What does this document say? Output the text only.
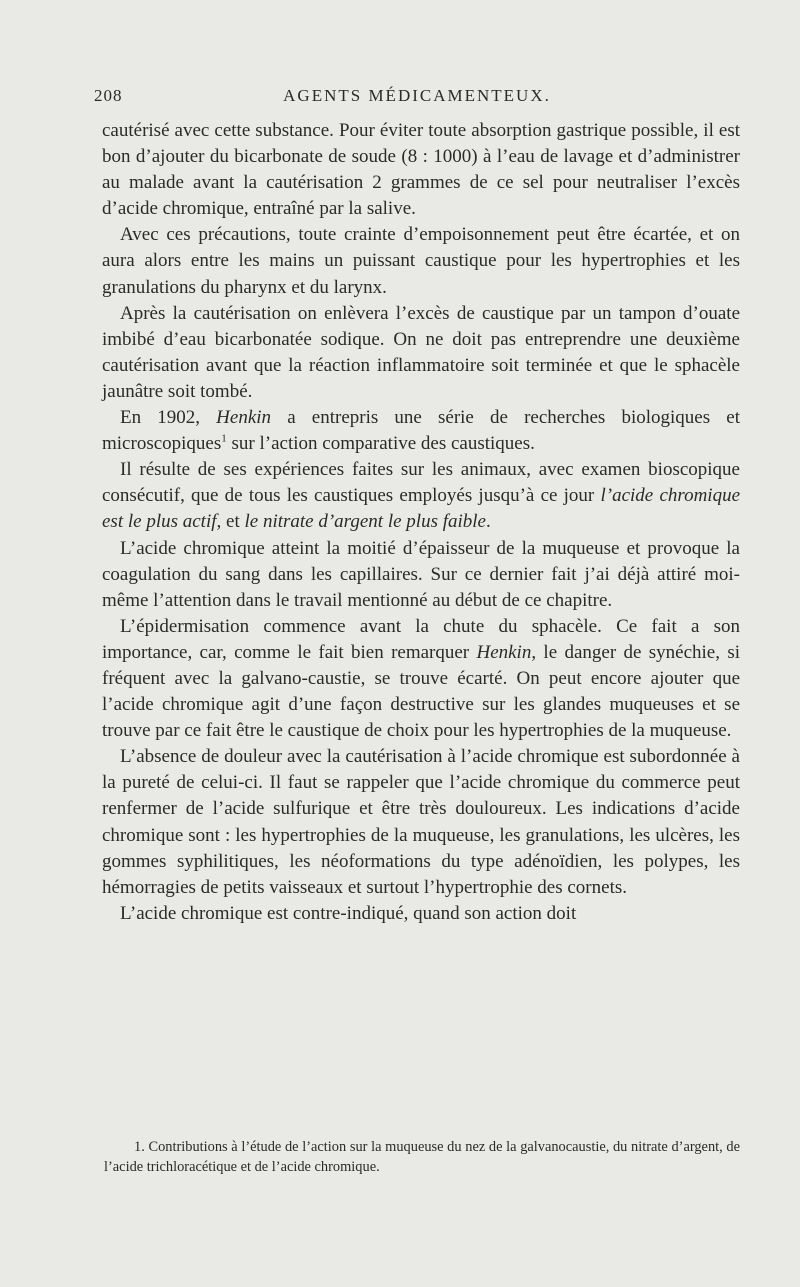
208	AGENTS MÉDICAMENTEUX.

cautérisé avec cette substance. Pour éviter toute absorption gastrique possible, il est bon d’ajouter du bicarbonate de soude (8 : 1000) à l’eau de lavage et d’administrer au malade avant la cautérisation 2 grammes de ce sel pour neutraliser l’excès d’acide chromique, entraîné par la salive.

Avec ces précautions, toute crainte d’empoisonnement peut être écartée, et on aura alors entre les mains un puissant caustique pour les hypertrophies et les granulations du pharynx et du larynx.

Après la cautérisation on enlèvera l’excès de caustique par un tampon d’ouate imbibé d’eau bicarbonatée sodique. On ne doit pas entreprendre une deuxième cautérisation avant que la réaction inflammatoire soit terminée et que le sphacèle jaunâtre soit tombé.

En 1902, Henkin a entrepris une série de recherches biologiques et microscopiques$^1$ sur l’action comparative des caustiques.

Il résulte de ses expériences faites sur les animaux, avec examen bioscopique consécutif, que de tous les caustiques employés jusqu’à ce jour l’acide chromique est le plus actif, et le nitrate d’argent le plus faible.

L’acide chromique atteint la moitié d’épaisseur de la muqueuse et provoque la coagulation du sang dans les capillaires. Sur ce dernier fait j’ai déjà attiré moi-même l’attention dans le travail mentionné au début de ce chapitre.

L’épidermisation commence avant la chute du sphacèle. Ce fait a son importance, car, comme le fait bien remarquer Henkin, le danger de synéchie, si fréquent avec la galvano-caustie, se trouve écarté. On peut encore ajouter que l’acide chromique agit d’une façon destructive sur les glandes muqueuses et se trouve par ce fait être le caustique de choix pour les hypertrophies de la muqueuse.

L’absence de douleur avec la cautérisation à l’acide chromique est subordonnée à la pureté de celui-ci. Il faut se rappeler que l’acide chromique du commerce peut renfermer de l’acide sulfurique et être très douloureux. Les indications d’acide chromique sont : les hypertrophies de la muqueuse, les granulations, les ulcères, les gommes syphilitiques, les néoformations du type adénoïdien, les polypes, les hémorragies de petits vaisseaux et surtout l’hypertrophie des cornets.

L’acide chromique est contre-indiqué, quand son action doit

1. Contributions à l’étude de l’action sur la muqueuse du nez de la galvanocaustie, du nitrate d’argent, de l’acide trichloracétique et de l’acide chromique.
